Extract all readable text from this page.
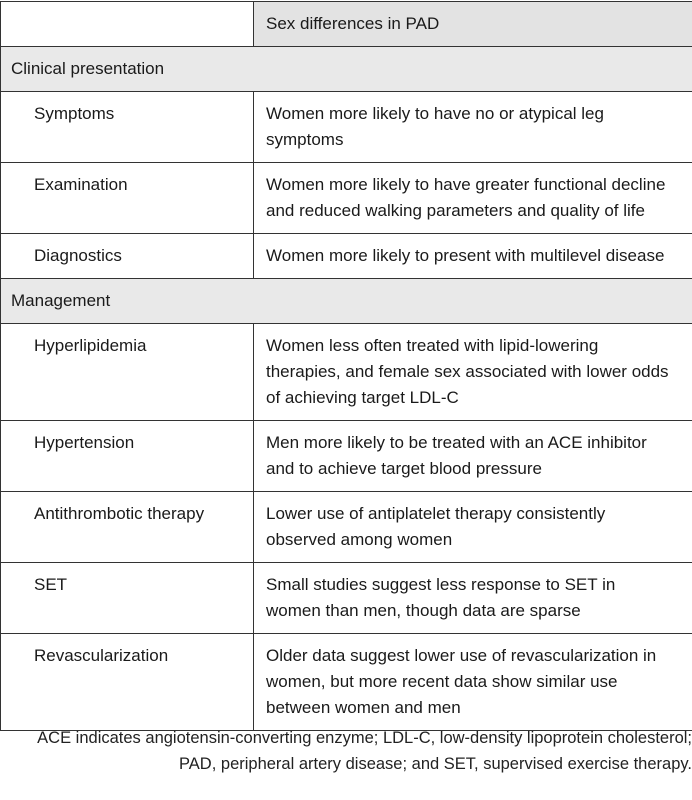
	Sex differences in PAD
Clinical presentation	
Symptoms	Women more likely to have no or atypical leg symptoms
Examination	Women more likely to have greater functional decline and reduced walking parameters and quality of life
Diagnostics	Women more likely to present with multilevel disease
Management	
Hyperlipidemia	Women less often treated with lipid-lowering therapies, and female sex associated with lower odds of achieving target LDL-C
Hypertension	Men more likely to be treated with an ACE inhibitor and to achieve target blood pressure
Antithrombotic therapy	Lower use of antiplatelet therapy consistently observed among women
SET	Small studies suggest less response to SET in women than men, though data are sparse
Revascularization	Older data suggest lower use of revascularization in women, but more recent data show similar use between women and men

ACE indicates angiotensin-converting enzyme; LDL-C, low-density lipoprotein cholesterol; PAD, peripheral artery disease; and SET, supervised exercise therapy.
